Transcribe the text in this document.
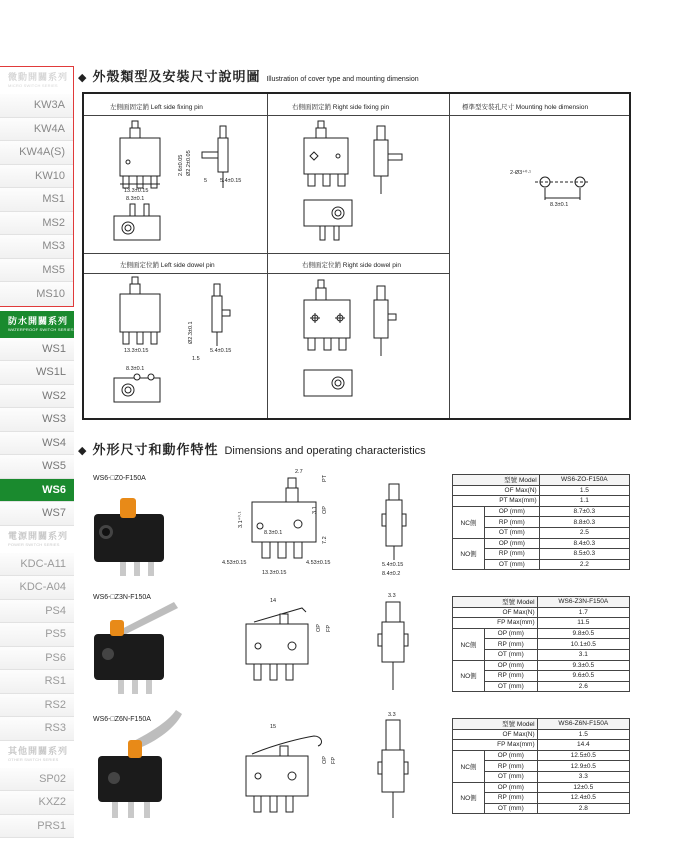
微動開關系列
MICRO SWITCH SERIES
KW3A
KW4A
KW4A(S)
KW10
MS1
MS2
MS3
MS5
MS10
防水開關系列
WATERPROOF SWITCH SERIES
WS1
WS1L
WS2
WS3
WS4
WS5
WS6
WS7
電源開關系列
POWER SWITCH SERIES
KDC-A11
KDC-A04
PS4
PS5
PS6
RS1
RS2
RS3
其他開關系列
OTHER SWITCH SERIES
SP02
KXZ2
PRS1
◆ 外殼類型及安裝尺寸說明圖 Illustration of cover type and mounting dimension
左側面固定銷 Left side fixing pin	右側面固定銷 Right side fixing pin	標準型安裝孔尺寸 Mounting hole dimension
左側面定位銷 Left side dowel pin	右側面定位銷 Right side dowel pin
13.3±0.15
8.3±0.1
2.6±0.05 Ø2.2±0.05
5 5.4±0.15
2-Ø3⁺⁰·¹
8.3±0.1
13.3±0.15
Ø2.3±0.1
5.4±0.15
1.5
8.3±0.1
◆ 外形尺寸和動作特性 Dimensions and operating characteristics
WS6-□Z0-F150A
2.7
PT
OP
3.1
7.2
3.1⁺⁰·¹
8.3±0.1
4.53±0.15	4.53±0.15
13.3±0.15
5.4±0.15
8.4±0.2
型號 Model		WS6-ZO-F150A
OF Max(N)		1.5
PT Max(mm)		1.1
NC側	OP (mm)	8.7±0.3
	RP (mm)	8.8±0.3
	OT (mm)	2.5
NO側	OP (mm)	8.4±0.3
	RP (mm)	8.5±0.3
	OT (mm)	2.2
WS6-□Z3N-F150A	14
OP FP
3.3
型號 Model		WS6-Z3N-F150A
OF Max(N)		1.7
FP Max(mm)		11.5
NC側	OP (mm)	9.8±0.5
	RP (mm)	10.1±0.5
	OT (mm)	3.1
NO側	OP (mm)	9.3±0.5
	RP (mm)	9.6±0.5
	OT (mm)	2.6
WS6-□Z6N-F150A
15
OP FP
3.3
型號 Model		WS6-Z6N-F150A
OF Max(N)		1.5
FP Max(mm)		14.4
NC側	OP (mm)	12.5±0.5
	RP (mm)	12.9±0.5
	OT (mm)	3.3
NO側	OP (mm)	12±0.5
	RP (mm)	12.4±0.5
	OT (mm)	2.8
